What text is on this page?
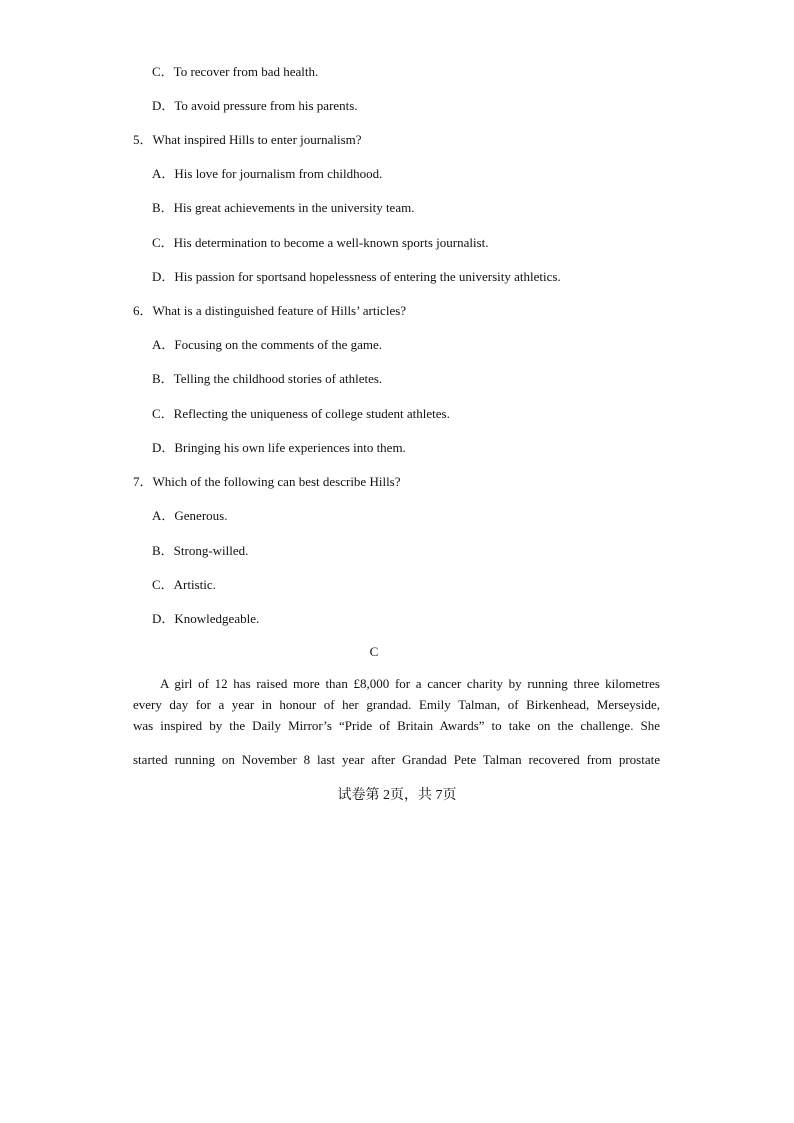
C．To recover from bad health.
D．To avoid pressure from his parents.
5．What inspired Hills to enter journalism?
A．His love for journalism from childhood.
B．His great achievements in the university team.
C．His determination to become a well-known sports journalist.
D．His passion for sportsand hopelessness of entering the university athletics.
6．What is a distinguished feature of Hills’ articles?
A．Focusing on the comments of the game.
B．Telling the childhood stories of athletes.
C．Reflecting the uniqueness of college student athletes.
D．Bringing his own life experiences into them.
7．Which of the following can best describe Hills?
A．Generous.
B．Strong-willed.
C．Artistic.
D．Knowledgeable.
C
A girl of 12 has raised more than £8,000 for a cancer charity by running three kilometres
every day for a year in honour of her grandad. Emily Talman, of Birkenhead, Merseyside,
was inspired by the Daily Mirror’s “Pride of Britain Awards” to take on the challenge. She
started running on November 8 last year after Grandad Pete Talman recovered from prostate
试卷第 2页，共 7页
